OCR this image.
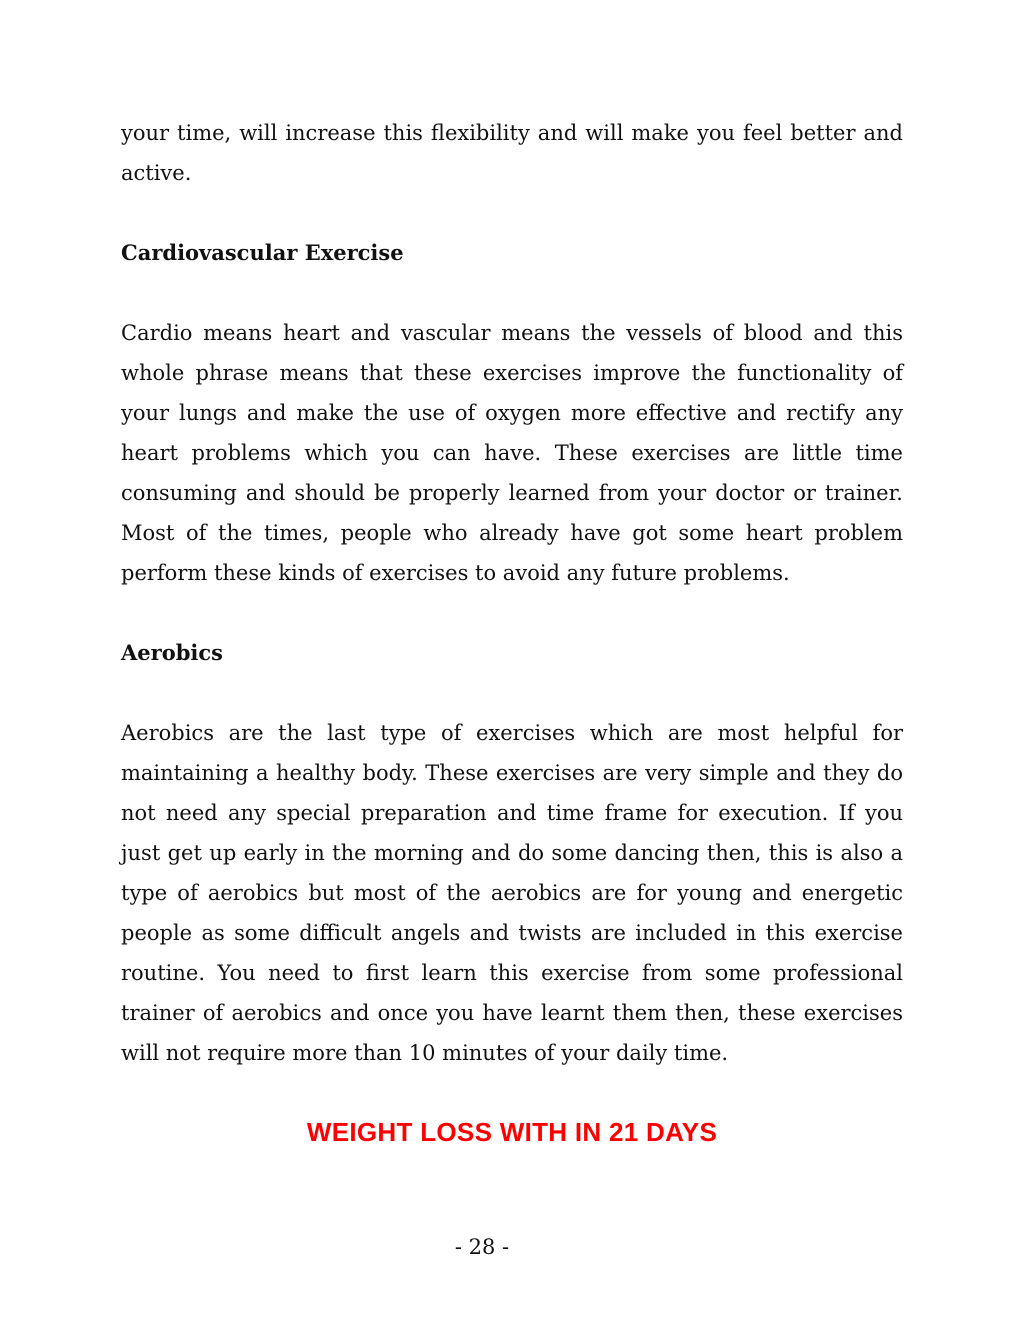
your time, will increase this flexibility and will make you feel better and active.

Cardiovascular Exercise

Cardio means heart and vascular means the vessels of blood and this whole phrase means that these exercises improve the functionality of your lungs and make the use of oxygen more effective and rectify any heart problems which you can have. These exercises are little time consuming and should be properly learned from your doctor or trainer. Most of the times, people who already have got some heart problem perform these kinds of exercises to avoid any future problems.

Aerobics

Aerobics are the last type of exercises which are most helpful for maintaining a healthy body. These exercises are very simple and they do not need any special preparation and time frame for execution. If you just get up early in the morning and do some dancing then, this is also a type of aerobics but most of the aerobics are for young and energetic people as some difficult angels and twists are included in this exercise routine. You need to first learn this exercise from some professional trainer of aerobics and once you have learnt them then, these exercises will not require more than 10 minutes of your daily time.

WEIGHT LOSS WITH IN 21 DAYS

- 28 -
